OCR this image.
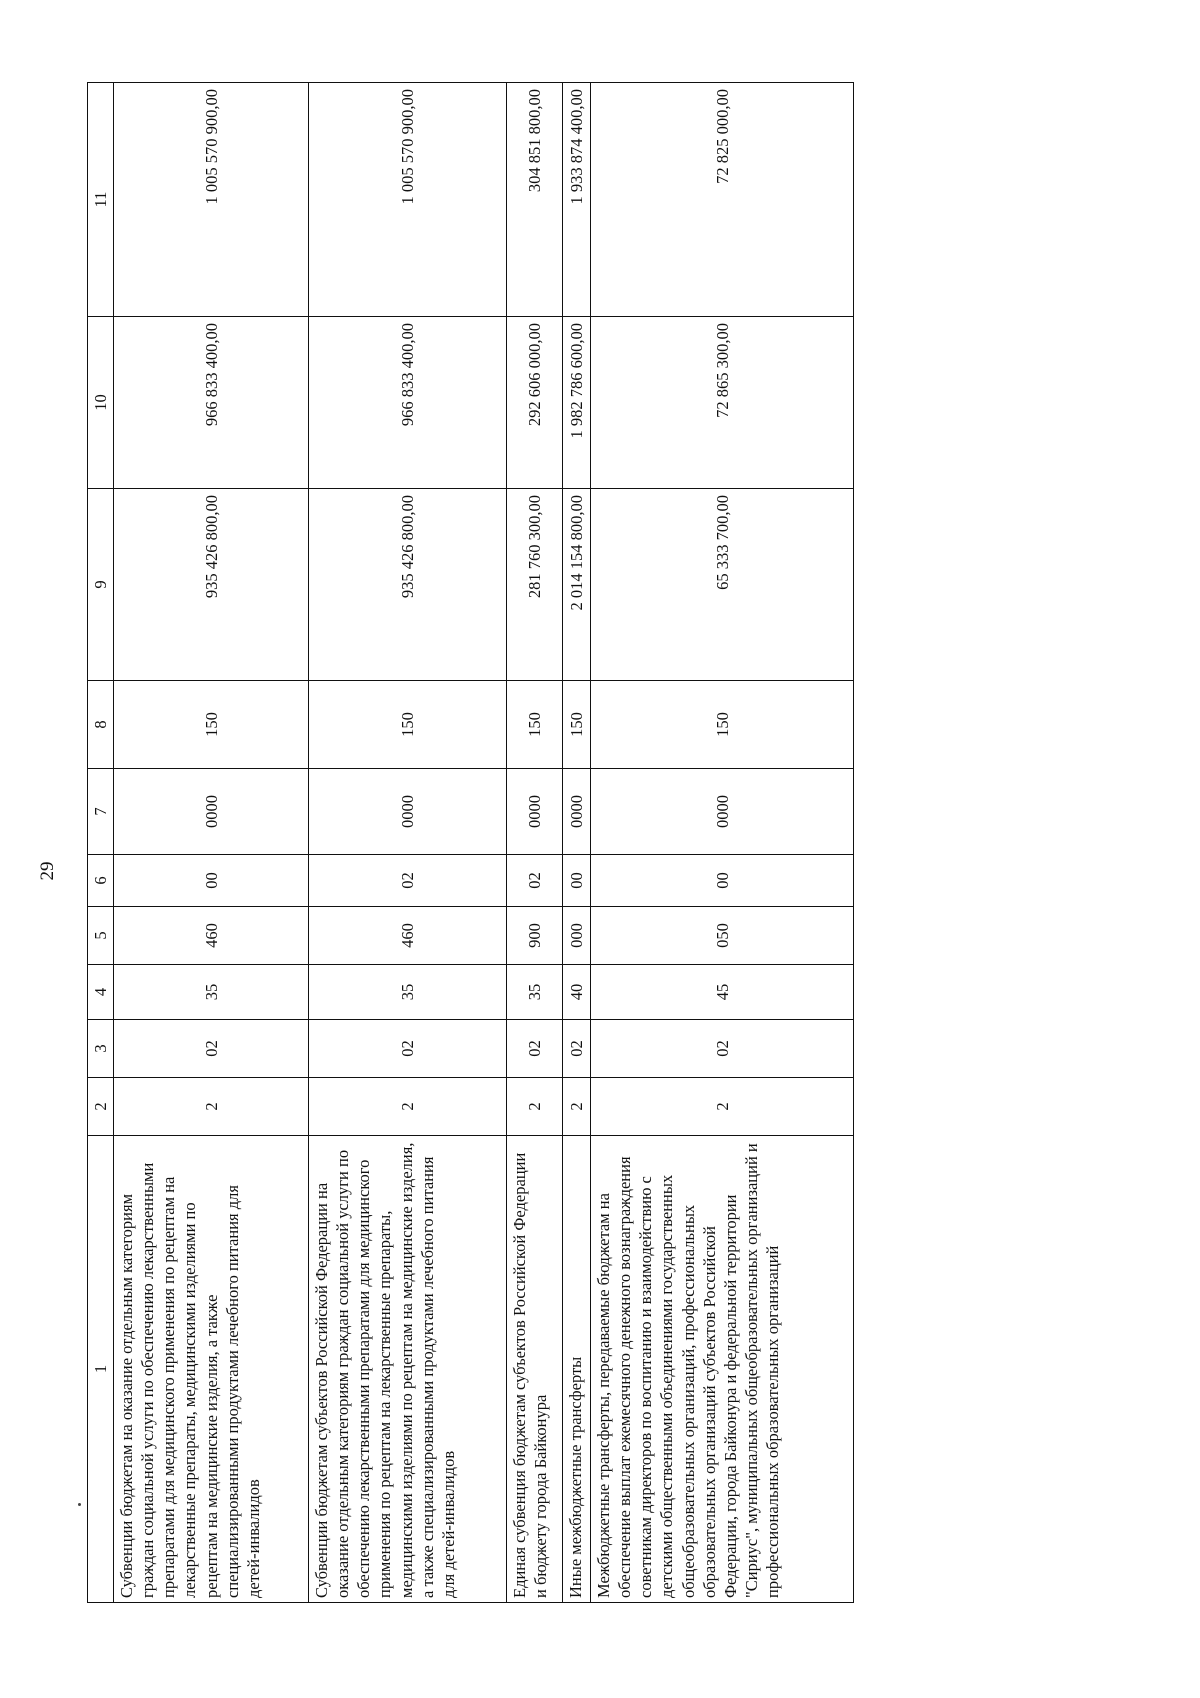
29
1	2	3	4	5	6	7	8	9	10	11
Субвенции бюджетам на оказание отдельным категориям граждан социальной услуги по обеспечению лекарственными препаратами для медицинского применения по рецептам на лекарственные препараты, медицинскими изделиями по рецептам на медицинские изделия, а также специализированными продуктами лечебного питания для детей-инвалидов	2	02	35	460	00	0000	150	935 426 800,00	966 833 400,00	1 005 570 900,00
Субвенции бюджетам субъектов Российской Федерации на оказание отдельным категориям граждан социальной услуги по обеспечению лекарственными препаратами для медицинского применения по рецептам на лекарственные препараты, медицинскими изделиями по рецептам на медицинские изделия, а также специализированными продуктами лечебного питания для детей-инвалидов	2	02	35	460	02	0000	150	935 426 800,00	966 833 400,00	1 005 570 900,00
Единая субвенция бюджетам субъектов Российской Федерации и бюджету города Байконура	2	02	35	900	02	0000	150	281 760 300,00	292 606 000,00	304 851 800,00
Иные межбюджетные трансферты	2	02	40	000	00	0000	150	2 014 154 800,00	1 982 786 600,00	1 933 874 400,00
Межбюджетные трансферты, передаваемые бюджетам на обеспечение выплат ежемесячного денежного вознаграждения советникам директоров по воспитанию и взаимодействию с детскими общественными объединениями государственных общеобразовательных организаций, профессиональных образовательных организаций субъектов Российской Федерации, города Байконура и федеральной территории "Сириус", муниципальных общеобразовательных организаций и профессиональных образовательных организаций	2	02	45	050	00	0000	150	65 333 700,00	72 865 300,00	72 825 000,00
